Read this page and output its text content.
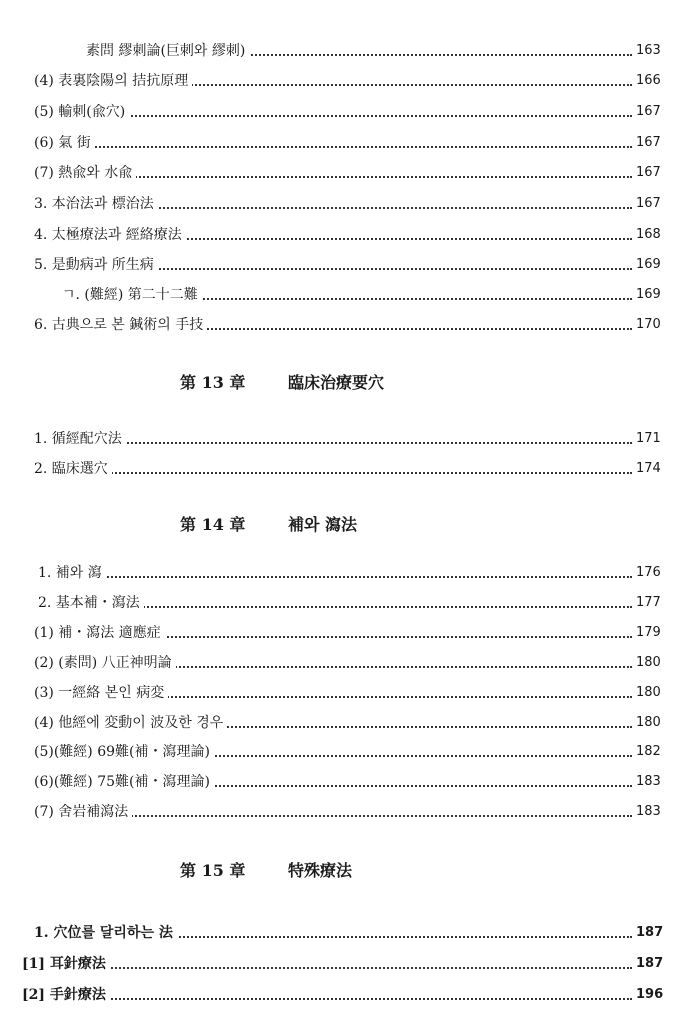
素問 繆刺論(巨刺와 繆刺)	163
(4) 表裏陰陽의 拮抗原理	166
(5) 輸刺(兪穴)	167
(6) 氣 街	167
(7) 熱兪와 水兪	167
3. 本治法과 標治法	167
4. 太極療法과 經絡療法	168
5. 是動病과 所生病	169
ㄱ. (難經) 第二十二難	169
6. 古典으로 본 鍼術의 手技	170
第 13 章	臨床治療要穴
1. 循經配穴法	171
2. 臨床選穴	174
第 14 章	補와 瀉法
1. 補와 瀉	176
2. 基本補・瀉法	177
(1) 補・瀉法 適應症	179
(2) (素問) 八正神明論	180
(3) 一經絡 본인 病変	180
(4) 他經에 変動이 波及한 경우	180
(5)(難經) 69難(補・瀉理論)	182
(6)(難經) 75難(補・瀉理論)	183
(7) 舍岩補瀉法	183
第 15 章	特殊療法
1. 穴位를 달리하는 法	187
[1] 耳針療法	187
[2] 手針療法	196
